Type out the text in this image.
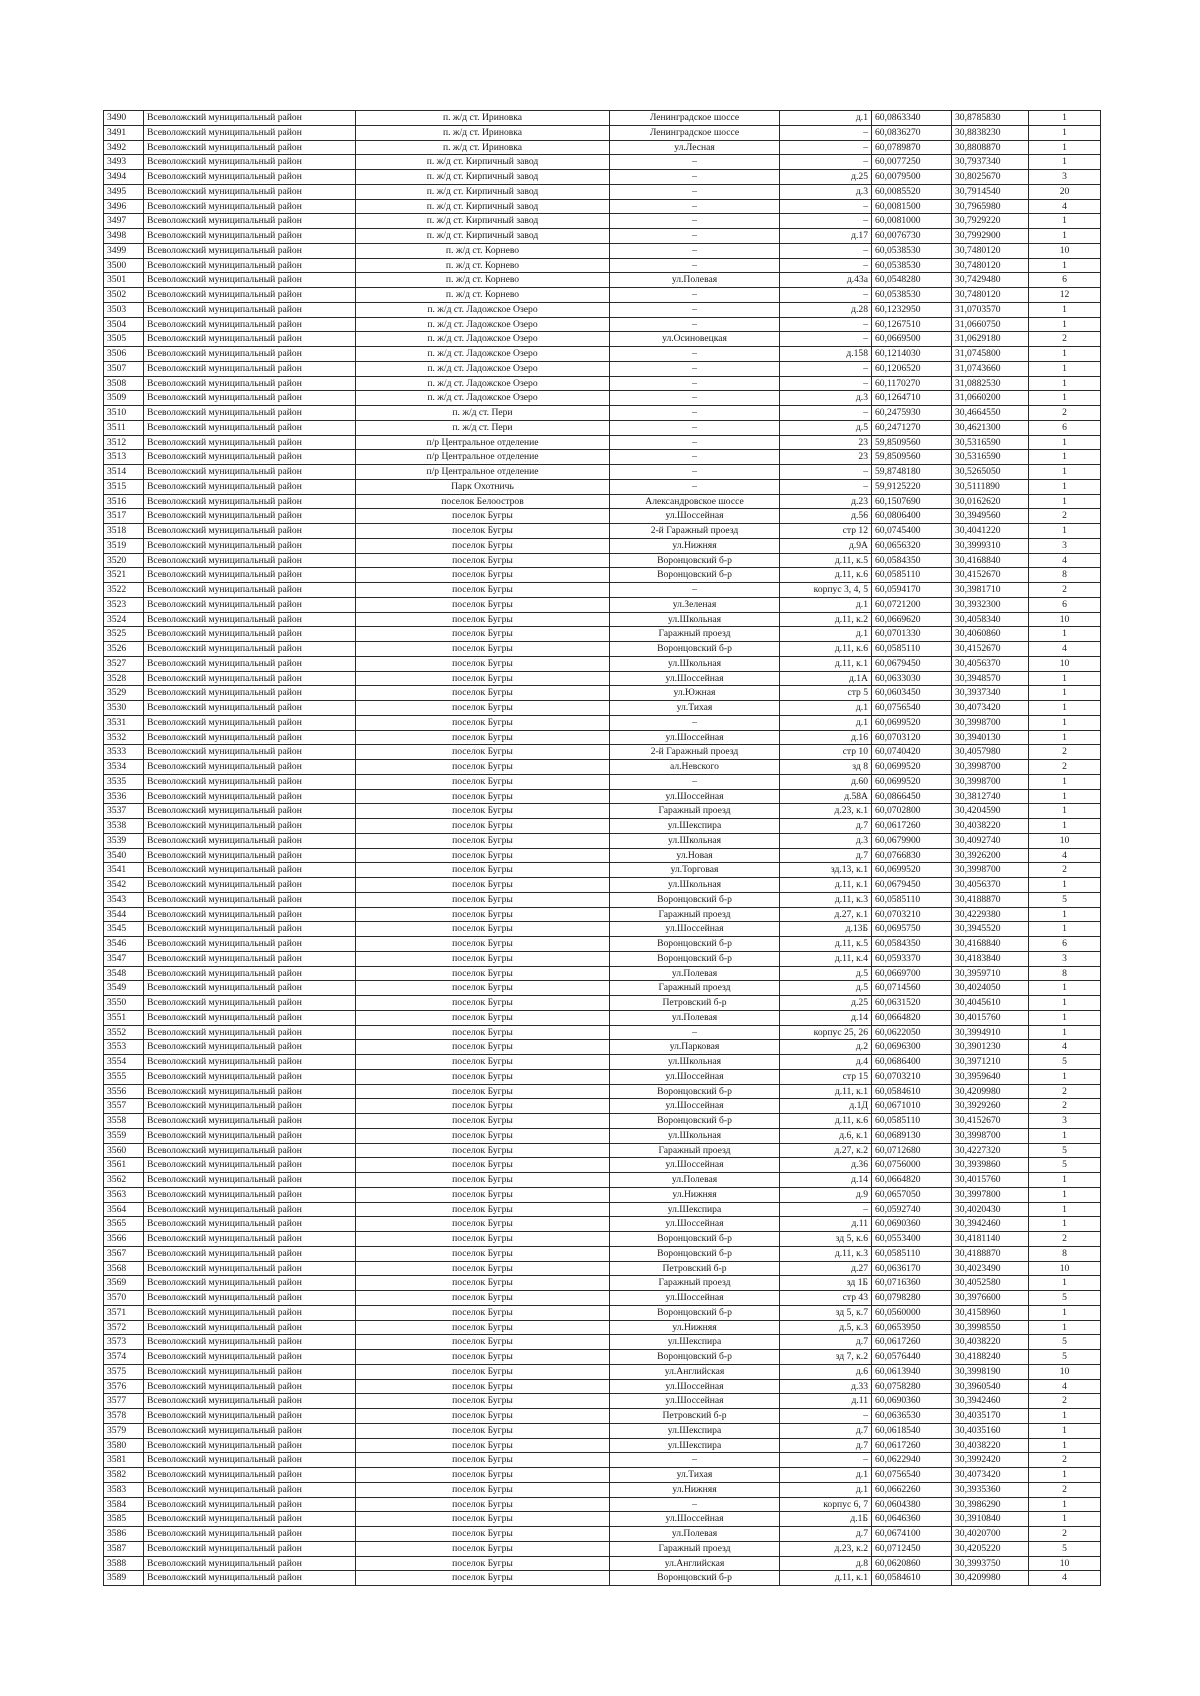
3490	Всеволожский муниципальный район	п. ж/д ст. Ириновка	Ленинградское шоссе	д.1	60,0863340	30,8785830	1
3491	Всеволожский муниципальный район	п. ж/д ст. Ириновка	Ленинградское шоссе	–	60,0836270	30,8838230	1
3492	Всеволожский муниципальный район	п. ж/д ст. Ириновка	ул.Лесная	–	60,0789870	30,8808870	1
3493	Всеволожский муниципальный район	п. ж/д ст. Кирпичный завод	–	–	60,0077250	30,7937340	1
3494	Всеволожский муниципальный район	п. ж/д ст. Кирпичный завод	–	д.25	60,0079500	30,8025670	3
3495	Всеволожский муниципальный район	п. ж/д ст. Кирпичный завод	–	д.3	60,0085520	30,7914540	20
3496	Всеволожский муниципальный район	п. ж/д ст. Кирпичный завод	–	–	60,0081500	30,7965980	4
3497	Всеволожский муниципальный район	п. ж/д ст. Кирпичный завод	–	–	60,0081000	30,7929220	1
3498	Всеволожский муниципальный район	п. ж/д ст. Кирпичный завод	–	д.17	60,0076730	30,7992900	1
3499	Всеволожский муниципальный район	п. ж/д ст. Корнево	–	–	60,0538530	30,7480120	10
3500	Всеволожский муниципальный район	п. ж/д ст. Корнево	–	–	60,0538530	30,7480120	1
3501	Всеволожский муниципальный район	п. ж/д ст. Корнево	ул.Полевая	д.43а	60,0548280	30,7429480	6
3502	Всеволожский муниципальный район	п. ж/д ст. Корнево	–	–	60,0538530	30,7480120	12
3503	Всеволожский муниципальный район	п. ж/д ст. Ладожское Озеро	–	д.28	60,1232950	31,0703570	1
3504	Всеволожский муниципальный район	п. ж/д ст. Ладожское Озеро	–	–	60,1267510	31,0660750	1
3505	Всеволожский муниципальный район	п. ж/д ст. Ладожское Озеро	ул.Осиновецкая	–	60,0669500	31,0629180	2
3506	Всеволожский муниципальный район	п. ж/д ст. Ладожское Озеро	–	д.158	60,1214030	31,0745800	1
3507	Всеволожский муниципальный район	п. ж/д ст. Ладожское Озеро	–	–	60,1206520	31,0743660	1
3508	Всеволожский муниципальный район	п. ж/д ст. Ладожское Озеро	–	–	60,1170270	31,0882530	1
3509	Всеволожский муниципальный район	п. ж/д ст. Ладожское Озеро	–	д.3	60,1264710	31,0660200	1
3510	Всеволожский муниципальный район	п. ж/д ст. Пери	–	–	60,2475930	30,4664550	2
3511	Всеволожский муниципальный район	п. ж/д ст. Пери	–	д.5	60,2471270	30,4621300	6
3512	Всеволожский муниципальный район	п/р Центральное отделение	–	23	59,8509560	30,5316590	1
3513	Всеволожский муниципальный район	п/р Центральное отделение	–	23	59,8509560	30,5316590	1
3514	Всеволожский муниципальный район	п/р Центральное отделение	–	–	59,8748180	30,5265050	1
3515	Всеволожский муниципальный район	Парк Охотничь	–	–	59,9125220	30,5111890	1
3516	Всеволожский муниципальный район	поселок Белоостров	Александровское шоссе	д.23	60,1507690	30,0162620	1
3517	Всеволожский муниципальный район	поселок Бугры	ул.Шоссейная	д.56	60,0806400	30,3949560	2
3518	Всеволожский муниципальный район	поселок Бугры	2-й Гаражный проезд	стр 12	60,0745400	30,4041220	1
3519	Всеволожский муниципальный район	поселок Бугры	ул.Нижняя	д.9А	60,0656320	30,3999310	3
3520	Всеволожский муниципальный район	поселок Бугры	Воронцовский б-р	д.11, к.5	60,0584350	30,4168840	4
3521	Всеволожский муниципальный район	поселок Бугры	Воронцовский б-р	д.11, к.6	60,0585110	30,4152670	8
3522	Всеволожский муниципальный район	поселок Бугры	–	корпус 3, 4, 5	60,0594170	30,3981710	2
3523	Всеволожский муниципальный район	поселок Бугры	ул.Зеленая	д.1	60,0721200	30,3932300	6
3524	Всеволожский муниципальный район	поселок Бугры	ул.Школьная	д.11, к.2	60,0669620	30,4058340	10
3525	Всеволожский муниципальный район	поселок Бугры	Гаражный проезд	д.1	60,0701330	30,4060860	1
3526	Всеволожский муниципальный район	поселок Бугры	Воронцовский б-р	д.11, к.6	60,0585110	30,4152670	4
3527	Всеволожский муниципальный район	поселок Бугры	ул.Школьная	д.11, к.1	60,0679450	30,4056370	10
3528	Всеволожский муниципальный район	поселок Бугры	ул.Шоссейная	д.1А	60,0633030	30,3948570	1
3529	Всеволожский муниципальный район	поселок Бугры	ул.Южная	стр 5	60,0603450	30,3937340	1
3530	Всеволожский муниципальный район	поселок Бугры	ул.Тихая	д.1	60,0756540	30,4073420	1
3531	Всеволожский муниципальный район	поселок Бугры	–	д.1	60,0699520	30,3998700	1
3532	Всеволожский муниципальный район	поселок Бугры	ул.Шоссейная	д.16	60,0703120	30,3940130	1
3533	Всеволожский муниципальный район	поселок Бугры	2-й Гаражный проезд	стр 10	60,0740420	30,4057980	2
3534	Всеволожский муниципальный район	поселок Бугры	ал.Невского	зд 8	60,0699520	30,3998700	2
3535	Всеволожский муниципальный район	поселок Бугры	–	д.60	60,0699520	30,3998700	1
3536	Всеволожский муниципальный район	поселок Бугры	ул.Шоссейная	д.58А	60,0866450	30,3812740	1
3537	Всеволожский муниципальный район	поселок Бугры	Гаражный проезд	д.23, к.1	60,0702800	30,4204590	1
3538	Всеволожский муниципальный район	поселок Бугры	ул.Шекспира	д.7	60,0617260	30,4038220	1
3539	Всеволожский муниципальный район	поселок Бугры	ул.Школьная	д.3	60,0679900	30,4092740	10
3540	Всеволожский муниципальный район	поселок Бугры	ул.Новая	д.7	60,0766830	30,3926200	4
3541	Всеволожский муниципальный район	поселок Бугры	ул.Торговая	зд.13, к.1	60,0699520	30,3998700	2
3542	Всеволожский муниципальный район	поселок Бугры	ул.Школьная	д.11, к.1	60,0679450	30,4056370	1
3543	Всеволожский муниципальный район	поселок Бугры	Воронцовский б-р	д.11, к.3	60,0585110	30,4188870	5
3544	Всеволожский муниципальный район	поселок Бугры	Гаражный проезд	д.27, к.1	60,0703210	30,4229380	1
3545	Всеволожский муниципальный район	поселок Бугры	ул.Шоссейная	д.13Б	60,0695750	30,3945520	1
3546	Всеволожский муниципальный район	поселок Бугры	Воронцовский б-р	д.11, к.5	60,0584350	30,4168840	6
3547	Всеволожский муниципальный район	поселок Бугры	Воронцовский б-р	д.11, к.4	60,0593370	30,4183840	3
3548	Всеволожский муниципальный район	поселок Бугры	ул.Полевая	д.5	60,0669700	30,3959710	8
3549	Всеволожский муниципальный район	поселок Бугры	Гаражный проезд	д.5	60,0714560	30,4024050	1
3550	Всеволожский муниципальный район	поселок Бугры	Петровский б-р	д.25	60,0631520	30,4045610	1
3551	Всеволожский муниципальный район	поселок Бугры	ул.Полевая	д.14	60,0664820	30,4015760	1
3552	Всеволожский муниципальный район	поселок Бугры	–	корпус 25, 26	60,0622050	30,3994910	1
3553	Всеволожский муниципальный район	поселок Бугры	ул.Парковая	д.2	60,0696300	30,3901230	4
3554	Всеволожский муниципальный район	поселок Бугры	ул.Школьная	д.4	60,0686400	30,3971210	5
3555	Всеволожский муниципальный район	поселок Бугры	ул.Шоссейная	стр 15	60,0703210	30,3959640	1
3556	Всеволожский муниципальный район	поселок Бугры	Воронцовский б-р	д.11, к.1	60,0584610	30,4209980	2
3557	Всеволожский муниципальный район	поселок Бугры	ул.Шоссейная	д.1Д	60,0671010	30,3929260	2
3558	Всеволожский муниципальный район	поселок Бугры	Воронцовский б-р	д.11, к.6	60,0585110	30,4152670	3
3559	Всеволожский муниципальный район	поселок Бугры	ул.Школьная	д.6, к.1	60,0689130	30,3998700	1
3560	Всеволожский муниципальный район	поселок Бугры	Гаражный проезд	д.27, к.2	60,0712680	30,4227320	5
3561	Всеволожский муниципальный район	поселок Бугры	ул.Шоссейная	д.36	60,0756000	30,3939860	5
3562	Всеволожский муниципальный район	поселок Бугры	ул.Полевая	д.14	60,0664820	30,4015760	1
3563	Всеволожский муниципальный район	поселок Бугры	ул.Нижняя	д.9	60,0657050	30,3997800	1
3564	Всеволожский муниципальный район	поселок Бугры	ул.Шекспира	–	60,0592740	30,4020430	1
3565	Всеволожский муниципальный район	поселок Бугры	ул.Шоссейная	д.11	60,0690360	30,3942460	1
3566	Всеволожский муниципальный район	поселок Бугры	Воронцовский б-р	зд 5, к.6	60,0553400	30,4181140	2
3567	Всеволожский муниципальный район	поселок Бугры	Воронцовский б-р	д.11, к.3	60,0585110	30,4188870	8
3568	Всеволожский муниципальный район	поселок Бугры	Петровский б-р	д.27	60,0636170	30,4023490	10
3569	Всеволожский муниципальный район	поселок Бугры	Гаражный проезд	зд 1Б	60,0716360	30,4052580	1
3570	Всеволожский муниципальный район	поселок Бугры	ул.Шоссейная	стр 43	60,0798280	30,3976600	5
3571	Всеволожский муниципальный район	поселок Бугры	Воронцовский б-р	зд 5, к.7	60,0560000	30,4158960	1
3572	Всеволожский муниципальный район	поселок Бугры	ул.Нижняя	д.5, к.3	60,0653950	30,3998550	1
3573	Всеволожский муниципальный район	поселок Бугры	ул.Шекспира	д.7	60,0617260	30,4038220	5
3574	Всеволожский муниципальный район	поселок Бугры	Воронцовский б-р	зд 7, к.2	60,0576440	30,4188240	5
3575	Всеволожский муниципальный район	поселок Бугры	ул.Английская	д.6	60,0613940	30,3998190	10
3576	Всеволожский муниципальный район	поселок Бугры	ул.Шоссейная	д.33	60,0758280	30,3960540	4
3577	Всеволожский муниципальный район	поселок Бугры	ул.Шоссейная	д.11	60,0690360	30,3942460	2
3578	Всеволожский муниципальный район	поселок Бугры	Петровский б-р	–	60,0636530	30,4035170	1
3579	Всеволожский муниципальный район	поселок Бугры	ул.Шекспира	д.7	60,0618540	30,4035160	1
3580	Всеволожский муниципальный район	поселок Бугры	ул.Шекспира	д.7	60,0617260	30,4038220	1
3581	Всеволожский муниципальный район	поселок Бугры	–	–	60,0622940	30,3992420	2
3582	Всеволожский муниципальный район	поселок Бугры	ул.Тихая	д.1	60,0756540	30,4073420	1
3583	Всеволожский муниципальный район	поселок Бугры	ул.Нижняя	д.1	60,0662260	30,3935360	2
3584	Всеволожский муниципальный район	поселок Бугры	–	корпус 6, 7	60,0604380	30,3986290	1
3585	Всеволожский муниципальный район	поселок Бугры	ул.Шоссейная	д.1Б	60,0646360	30,3910840	1
3586	Всеволожский муниципальный район	поселок Бугры	ул.Полевая	д.7	60,0674100	30,4020700	2
3587	Всеволожский муниципальный район	поселок Бугры	Гаражный проезд	д.23, к.2	60,0712450	30,4205220	5
3588	Всеволожский муниципальный район	поселок Бугры	ул.Английская	д.8	60,0620860	30,3993750	10
3589	Всеволожский муниципальный район	поселок Бугры	Воронцовский б-р	д.11, к.1	60,0584610	30,4209980	4
